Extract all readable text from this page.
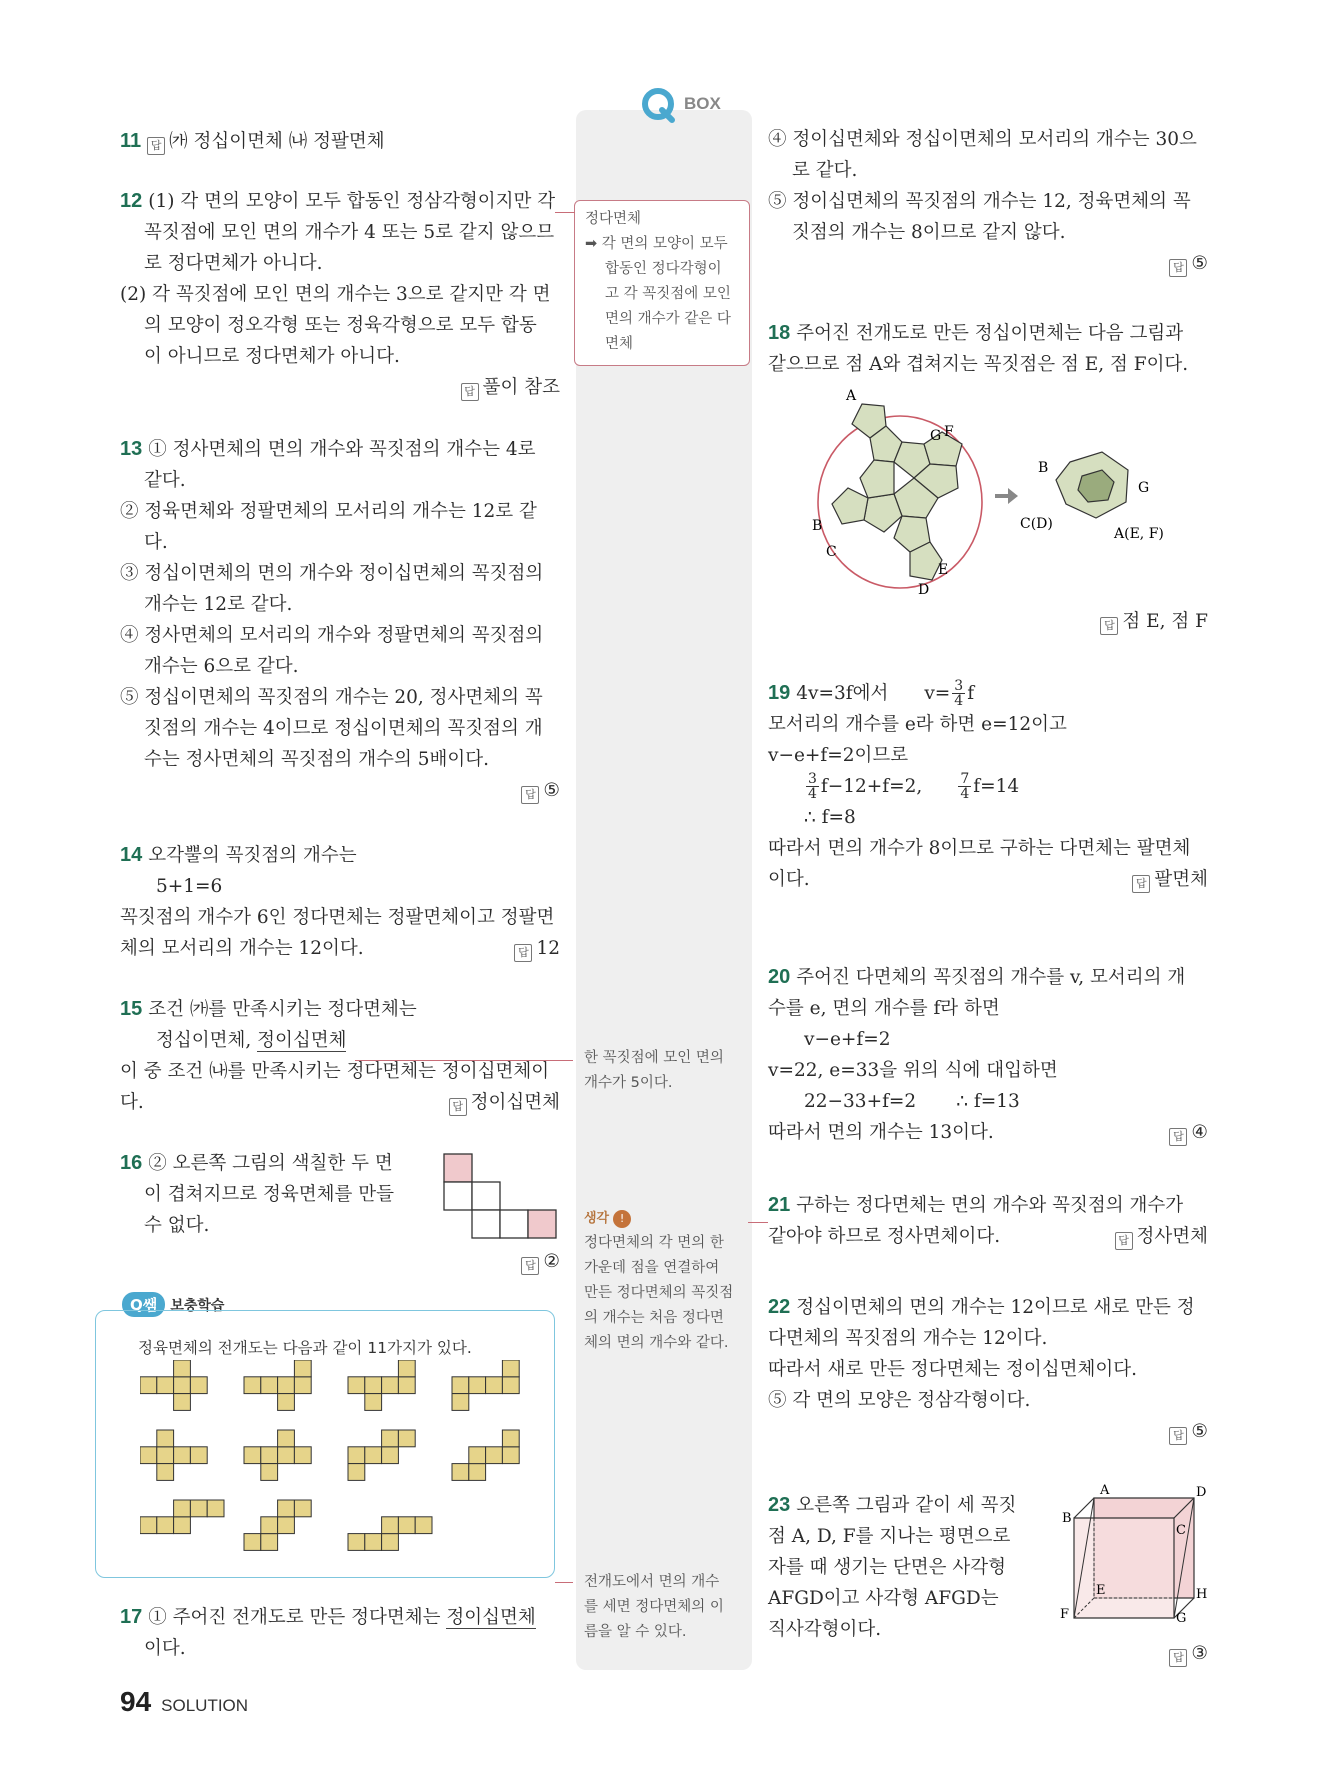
BOX

11 답 ㈎ 정십이면체 ㈏ 정팔면체

12 (1) 각 면의 모양이 모두 합동인 정삼각형이지만 각

꼭짓점에 모인 면의 개수가 4 또는 5로 같지 않으므

로 정다면체가 아니다.

(2) 각 꼭짓점에 모인 면의 개수는 3으로 같지만 각 면

의 모양이 정오각형 또는 정육각형으로 모두 합동

이 아니므로 정다면체가 아니다.

답 풀이 참조

13 ① 정사면체의 면의 개수와 꼭짓점의 개수는 4로

같다.

② 정육면체와 정팔면체의 모서리의 개수는 12로 같

다.

③ 정십이면체의 면의 개수와 정이십면체의 꼭짓점의

개수는 12로 같다.

④ 정사면체의 모서리의 개수와 정팔면체의 꼭짓점의

개수는 6으로 같다.

⑤ 정십이면체의 꼭짓점의 개수는 20, 정사면체의 꼭

짓점의 개수는 4이므로 정십이면체의 꼭짓점의 개

수는 정사면체의 꼭짓점의 개수의 5배이다.

답 ⑤

14 오각뿔의 꼭짓점의 개수는

5+1=6

꼭짓점의 개수가 6인 정다면체는 정팔면체이고 정팔면

체의 모서리의 개수는 12이다.	답 12

15 조건 ㈎를 만족시키는 정다면체는

정십이면체, 정이십면체

이 중 조건 ㈏를 만족시키는 정다면체는 정이십면체이

다.	답 정이십면체

16 ② 오른쪽 그림의 색칠한 두 면

이 겹쳐지므로 정육면체를 만들

수 없다.

답 ②
Q쌤 보충학습
정육면체의 전개도는 다음과 같이 11가지가 있다.

17 ① 주어진 전개도로 만든 정다면체는 정이십면체

이다.

94 SOLUTION

정다면체

➡ 각 면의 모양이 모두

합동인 정다각형이

고 각 꼭짓점에 모인

면의 개수가 같은 다

면체

한 꼭짓점에 모인 면의

개수가 5이다.

생각 !

정다면체의 각 면의 한

가운데 점을 연결하여

만든 정다면체의 꼭짓점

의 개수는 처음 정다면

체의 면의 개수와 같다.

전개도에서 면의 개수

를 세면 정다면체의 이

름을 알 수 있다.

④ 정이십면체와 정십이면체의 모서리의 개수는 30으

로 같다.

⑤ 정이십면체의 꼭짓점의 개수는 12, 정육면체의 꼭

짓점의 개수는 8이므로 같지 않다.

답 ⑤

18 주어진 전개도로 만든 정십이면체는 다음 그림과

같으므로 점 A와 겹쳐지는 꼭짓점은 점 E, 점 F이다.

A
G F
B
C
D
E
B
G
C(D)
A(E, F)
답 점 E, 점 F

19 4v=3f에서 $v= \frac{3}{4}$ f

모서리의 개수를 e라 하면 e=12이고

v−e+f=2이므로

$\frac{3}{4} f-12+f=2$,	$\frac{7}{4} f=14$

∴ f=8

따라서 면의 개수가 8이므로 구하는 다면체는 팔면체

이다.	답 팔면체

20 주어진 다면체의 꼭짓점의 개수를 v, 모서리의 개

수를 e, 면의 개수를 f라 하면

v−e+f=2

v=22, e=33을 위의 식에 대입하면

22−33+f=2 ∴ f=13

따라서 면의 개수는 13이다.	답 ④

21 구하는 정다면체는 면의 개수와 꼭짓점의 개수가

같아야 하므로 정사면체이다.	답 정사면체

22 정십이면체의 면의 개수는 12이므로 새로 만든 정

다면체의 꼭짓점의 개수는 12이다.

따라서 새로 만든 정다면체는 정이십면체이다.

⑤ 각 면의 모양은 정삼각형이다.

답 ⑤

23 오른쪽 그림과 같이 세 꼭짓

점 A, D, F를 지나는 평면으로

자를 때 생기는 단면은 사각형

AFGD이고 사각형 AFGD는

직사각형이다.

A	D
B
C
E	H
F	G
답 ③
